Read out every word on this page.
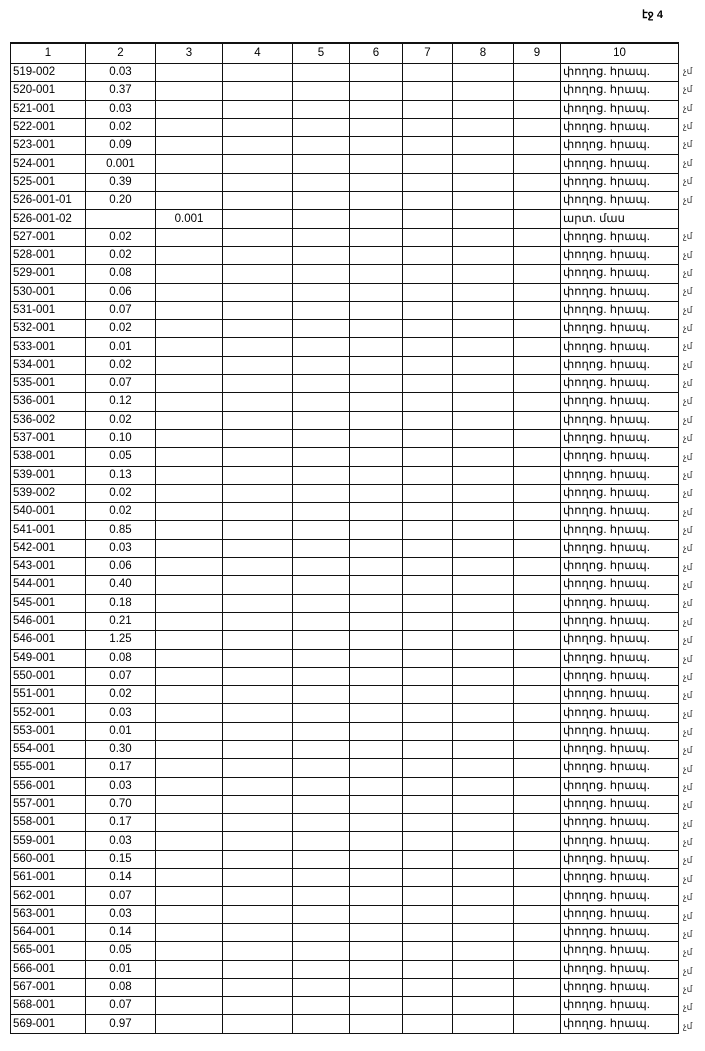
էջ 4
1	2	3	4	5	6	7	8	9	10
519-002	0.03								փողոց. հրապ.
520-001	0.37								փողոց. հրապ.
521-001	0.03								փողոց. հրապ.
522-001	0.02								փողոց. հրապ.
523-001	0.09								փողոց. հրապ.
524-001	0.001								փողոց. հրապ.
525-001	0.39								փողոց. հրապ.
526-001-01	0.20								փողոց. հրապ.
526-001-02		0.001							արտ. մաս
527-001	0.02								փողոց. հրապ.
528-001	0.02								փողոց. հրապ.
529-001	0.08								փողոց. հրապ.
530-001	0.06								փողոց. հրապ.
531-001	0.07								փողոց. հրապ.
532-001	0.02								փողոց. հրապ.
533-001	0.01								փողոց. հրապ.
534-001	0.02								փողոց. հրապ.
535-001	0.07								փողոց. հրապ.
536-001	0.12								փողոց. հրապ.
536-002	0.02								փողոց. հրապ.
537-001	0.10								փողոց. հրապ.
538-001	0.05								փողոց. հրապ.
539-001	0.13								փողոց. հրապ.
539-002	0.02								փողոց. հրապ.
540-001	0.02								փողոց. հրապ.
541-001	0.85								փողոց. հրապ.
542-001	0.03								փողոց. հրապ.
543-001	0.06								փողոց. հրապ.
544-001	0.40								փողոց. հրապ.
545-001	0.18								փողոց. հրապ.
546-001	0.21								փողոց. հրապ.
546-001	1.25								փողոց. հրապ.
549-001	0.08								փողոց. հրապ.
550-001	0.07								փողոց. հրապ.
551-001	0.02								փողոց. հրապ.
552-001	0.03								փողոց. հրապ.
553-001	0.01								փողոց. հրապ.
554-001	0.30								փողոց. հրապ.
555-001	0.17								փողոց. հրապ.
556-001	0.03								փողոց. հրապ.
557-001	0.70								փողոց. հրապ.
558-001	0.17								փողոց. հրապ.
559-001	0.03								փողոց. հրապ.
560-001	0.15								փողոց. հրապ.
561-001	0.14								փողոց. հրապ.
562-001	0.07								փողոց. հրապ.
563-001	0.03								փողոց. հրապ.
564-001	0.14								փողոց. հրապ.
565-001	0.05								փողոց. հրապ.
566-001	0.01								փողոց. հրապ.
567-001	0.08								փողոց. հրապ.
568-001	0.07								փողոց. հրապ.
569-001	0.97								փողոց. հրապ.
չմ
չմ
չմ
չմ
չմ
չմ
չմ
չմ
չմ
չմ
չմ
չմ
չմ
չմ
չմ
չմ
չմ
չմ
չմ
չմ
չմ
չմ
չմ
չմ
չմ
չմ
չմ
չմ
չմ
չմ
չմ
չմ
չմ
չմ
չմ
չմ
չմ
չմ
չմ
չմ
չմ
չմ
չմ
չմ
չմ
չմ
չմ
չմ
չմ
չմ
չմ
չմ
